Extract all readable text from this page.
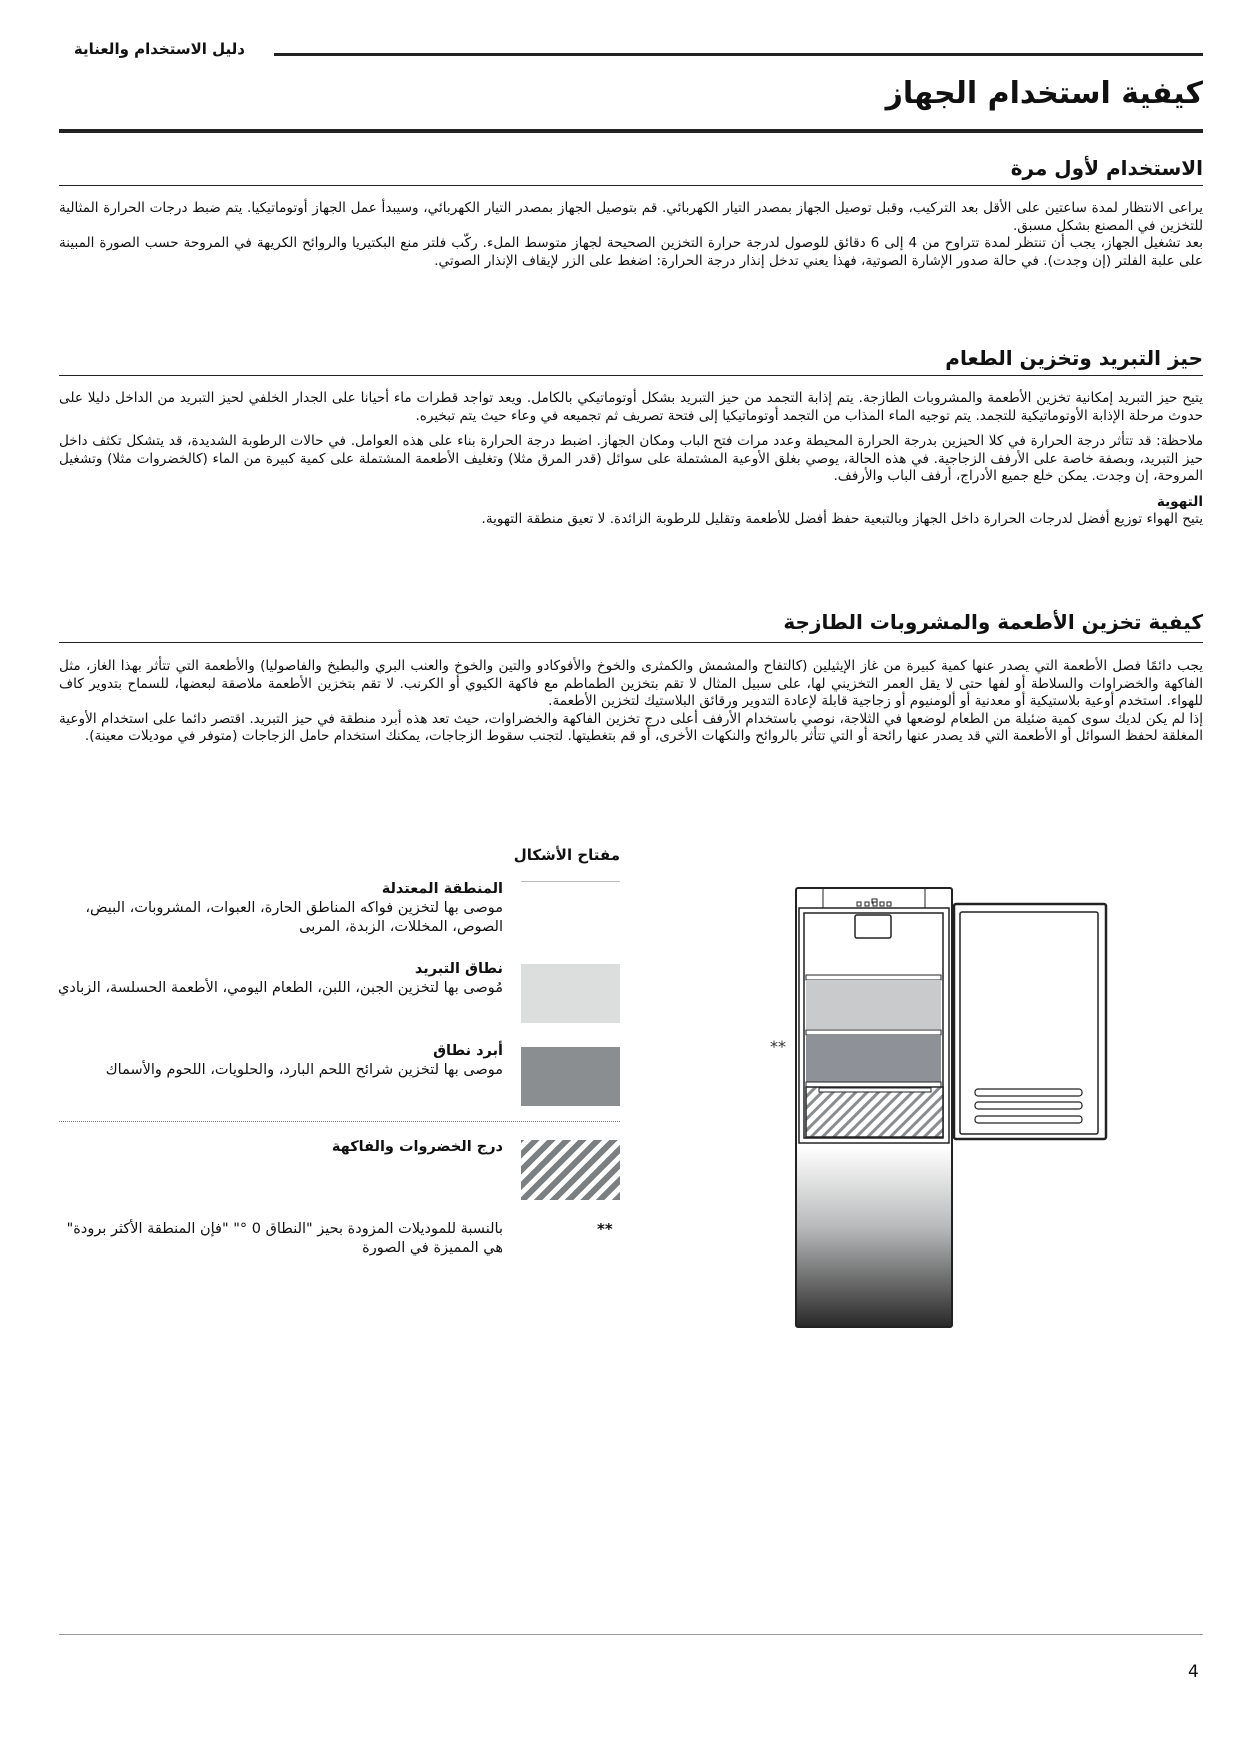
دليل الاستخدام والعناية
كيفية استخدام الجهاز
الاستخدام لأول مرة

يراعى الانتظار لمدة ساعتين على الأقل بعد التركيب، وقبل توصيل الجهاز بمصدر التيار الكهربائي. قم بتوصيل الجهاز بمصدر التيار الكهربائي، وسيبدأ عمل الجهاز أوتوماتيكيا. يتم ضبط درجات الحرارة المثالية للتخزين في المصنع بشكل مسبق.

بعد تشغيل الجهاز، يجب أن تنتظر لمدة تتراوح من 4 إلى 6 دقائق للوصول لدرجة حرارة التخزين الصحيحة لجهاز متوسط الملء. ركّب فلتر منع البكتيريا والروائح الكريهة في المروحة حسب الصورة المبينة على علبة الفلتر (إن وجدت). في حالة صدور الإشارة الصوتية، فهذا يعني تدخل إنذار درجة الحرارة: اضغط على الزر لإيقاف الإنذار الصوتي.

حيز التبريد وتخزين الطعام

يتيح حيز التبريد إمكانية تخزين الأطعمة والمشروبات الطازجة. يتم إذابة التجمد من حيز التبريد بشكل أوتوماتيكي بالكامل. ويعد تواجد قطرات ماء أحيانا على الجدار الخلفي لحيز التبريد من الداخل دليلا على حدوث مرحلة الإذابة الأوتوماتيكية للتجمد. يتم توجيه الماء المذاب من التجمد أوتوماتيكيا إلى فتحة تصريف ثم تجميعه في وعاء حيث يتم تبخيره.

ملاحظة: قد تتأثر درجة الحرارة في كلا الحيزين بدرجة الحرارة المحيطة وعدد مرات فتح الباب ومكان الجهاز. اضبط درجة الحرارة بناء على هذه العوامل. في حالات الرطوبة الشديدة، قد يتشكل تكثف داخل حيز التبريد، وبصفة خاصة على الأرفف الزجاجية. في هذه الحالة، يوصي بغلق الأوعية المشتملة على سوائل (قدر المرق مثلا) وتغليف الأطعمة المشتملة على كمية كبيرة من الماء (كالخضروات مثلا) وتشغيل المروحة، إن وجدت. يمكن خلع جميع الأدراج، أرفف الباب والأرفف.

التهوية

يتيح الهواء توزيع أفضل لدرجات الحرارة داخل الجهاز وبالتبعية حفظ أفضل للأطعمة وتقليل للرطوبة الزائدة. لا تعيق منطقة التهوية.

كيفية تخزين الأطعمة والمشروبات الطازجة

يجب دائمًا فصل الأطعمة التي يصدر عنها كمية كبيرة من غاز الإيثيلين (كالتفاح والمشمش والكمثرى والخوخ والأفوكادو والتين والخوخ والعنب البري والبطيخ والفاصوليا) والأطعمة التي تتأثر بهذا الغاز، مثل الفاكهة والخضراوات والسلاطة أو لفها حتى لا يقل العمر التخزيني لها، على سبيل المثال لا تقم بتخزين الطماطم مع فاكهة الكيوي أو الكرنب. لا تقم بتخزين الأطعمة ملاصقة لبعضها، للسماح بتدوير كاف للهواء. استخدم أوعية بلاستيكية أو معدنية أو ألومنيوم أو زجاجية قابلة لإعادة التدوير ورقائق البلاستيك لتخزين الأطعمة.

إذا لم يكن لديك سوى كمية ضئيلة من الطعام لوضعها في الثلاجة، نوصي باستخدام الأرفف أعلى درج تخزين الفاكهة والخضراوات، حيث تعد هذه أبرد منطقة في حيز التبريد. اقتصر دائما على استخدام الأوعية المغلقة لحفظ السوائل أو الأطعمة التي قد يصدر عنها رائحة أو التي تتأثر بالروائح والنكهات الأخرى، أو قم بتغطيتها. لتجنب سقوط الزجاجات، يمكنك استخدام حامل الزجاجات (متوفر في موديلات معينة).

مفتاح الأشكال
المنطقة المعتدلة
موصى بها لتخزين فواكه المناطق الحارة، العبوات، المشروبات، البيض، الصوص، المخللات، الزبدة، المربى
نطاق التبريد
مُوصى بها لتخزين الجبن، اللبن، الطعام اليومي، الأطعمة الحسلسة، الزبادي
أبرد نطاق
موصى بها لتخزين شرائح اللحم البارد، والحلويات، اللحوم والأسماك
درج الخضروات والفاكهة
**
بالنسبة للموديلات المزودة بحيز "النطاق 0 °" "فإن المنطقة الأكثر برودة" هي المميزة في الصورة
**
4
